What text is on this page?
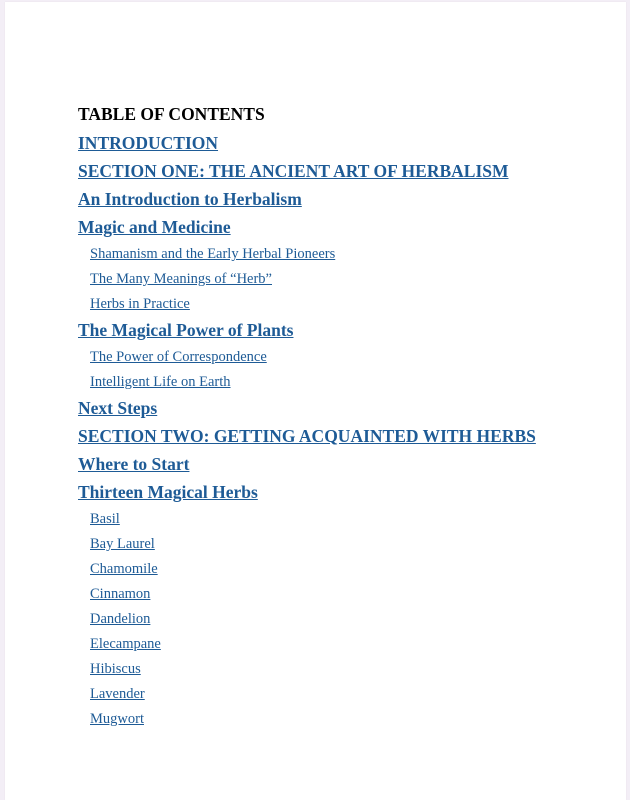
TABLE OF CONTENTS
INTRODUCTION
SECTION ONE: THE ANCIENT ART OF HERBALISM
An Introduction to Herbalism
Magic and Medicine
Shamanism and the Early Herbal Pioneers
The Many Meanings of “Herb”
Herbs in Practice
The Magical Power of Plants
The Power of Correspondence
Intelligent Life on Earth
Next Steps
SECTION TWO: GETTING ACQUAINTED WITH HERBS
Where to Start
Thirteen Magical Herbs
Basil
Bay Laurel
Chamomile
Cinnamon
Dandelion
Elecampane
Hibiscus
Lavender
Mugwort
